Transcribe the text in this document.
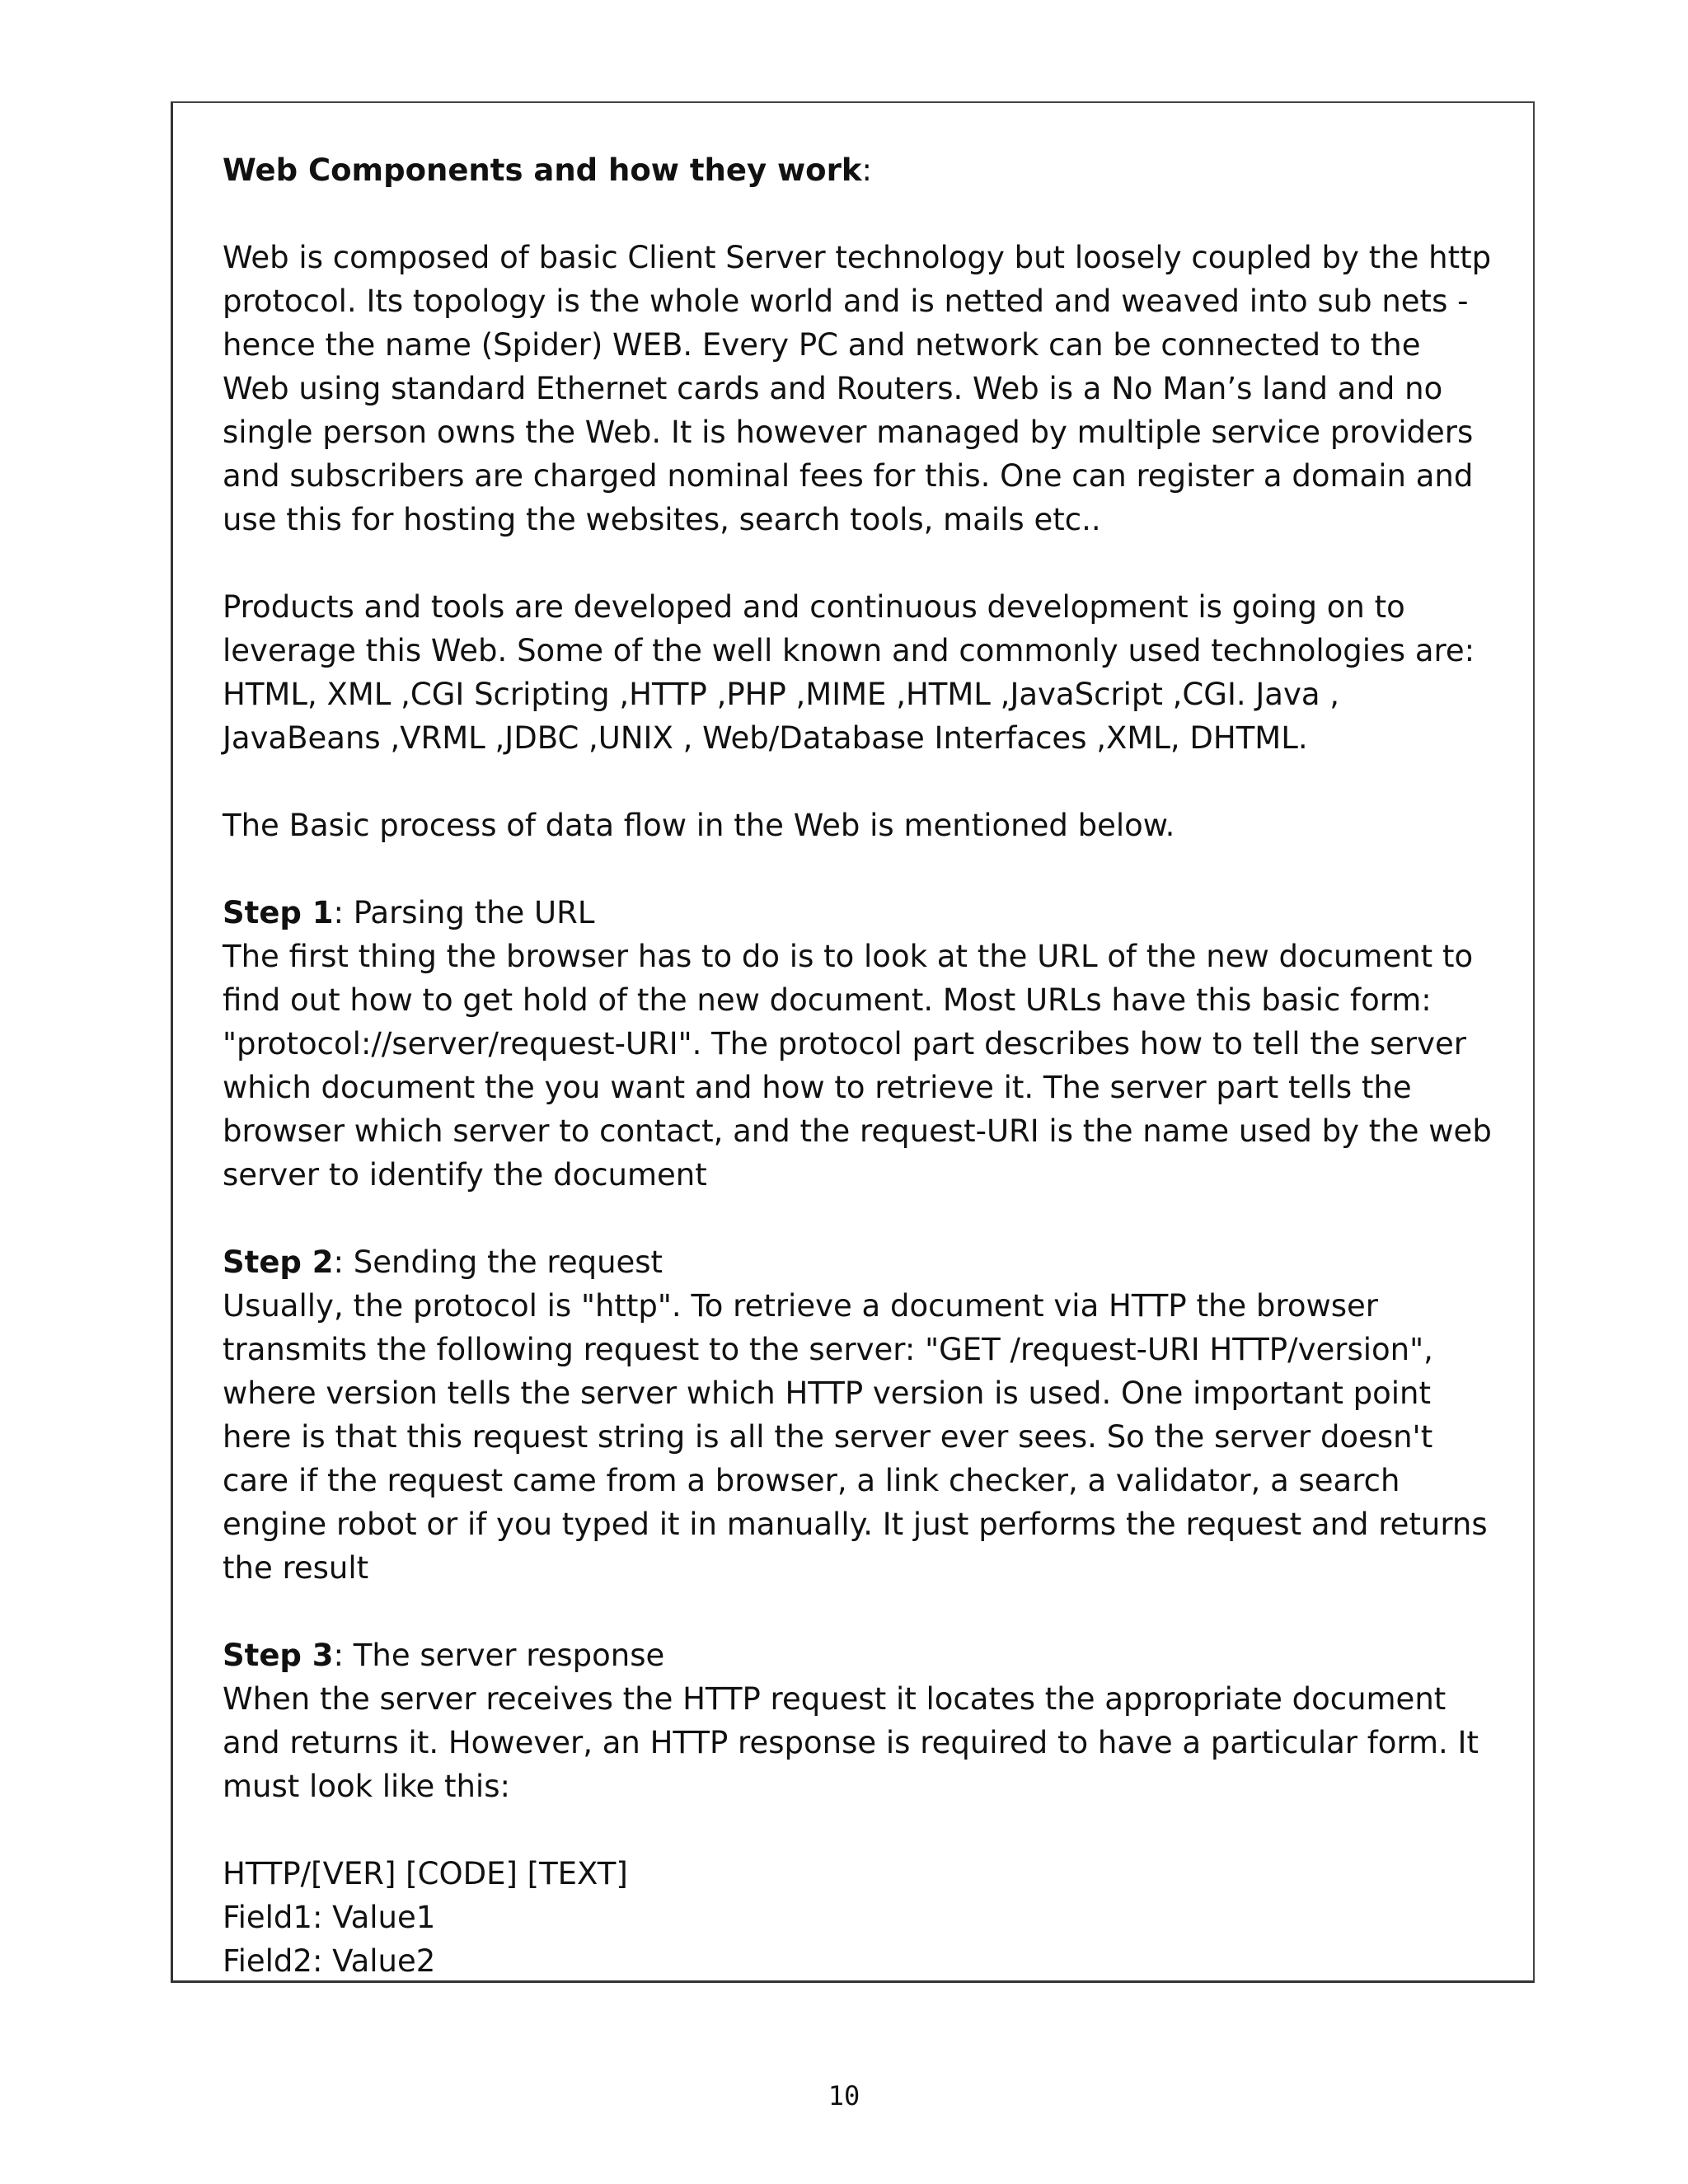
Web Components and how they work:

Web is composed of basic Client Server technology but loosely coupled by the http protocol. Its topology is the whole world and is netted and weaved into sub nets - hence the name (Spider) WEB. Every PC and network can be connected to the Web using standard Ethernet cards and Routers. Web is a No Man’s land and no single person owns the Web. It is however managed by multiple service providers and subscribers are charged nominal fees for this. One can register a domain and use this for hosting the websites, search tools, mails etc..

Products and tools are developed and continuous development is going on to leverage this Web. Some of the well known and commonly used technologies are: HTML, XML ,CGI Scripting ,HTTP ,PHP ,MIME ,HTML ,JavaScript ,CGI. Java , JavaBeans ,VRML ,JDBC ,UNIX , Web/Database Interfaces ,XML, DHTML.

The Basic process of data flow in the Web is mentioned below.

Step 1: Parsing the URL

The first thing the browser has to do is to look at the URL of the new document to find out how to get hold of the new document. Most URLs have this basic form: "protocol://server/request-URI". The protocol part describes how to tell the server which document the you want and how to retrieve it. The server part tells the browser which server to contact, and the request-URI is the name used by the web server to identify the document

Step 2: Sending the request

Usually, the protocol is "http". To retrieve a document via HTTP the browser transmits the following request to the server: "GET /request-URI HTTP/version", where version tells the server which HTTP version is used. One important point here is that this request string is all the server ever sees. So the server doesn't care if the request came from a browser, a link checker, a validator, a search engine robot or if you typed it in manually. It just performs the request and returns the result

Step 3: The server response

When the server receives the HTTP request it locates the appropriate document and returns it. However, an HTTP response is required to have a particular form. It must look like this:

HTTP/[VER] [CODE] [TEXT]
Field1: Value1
Field2: Value2
10
